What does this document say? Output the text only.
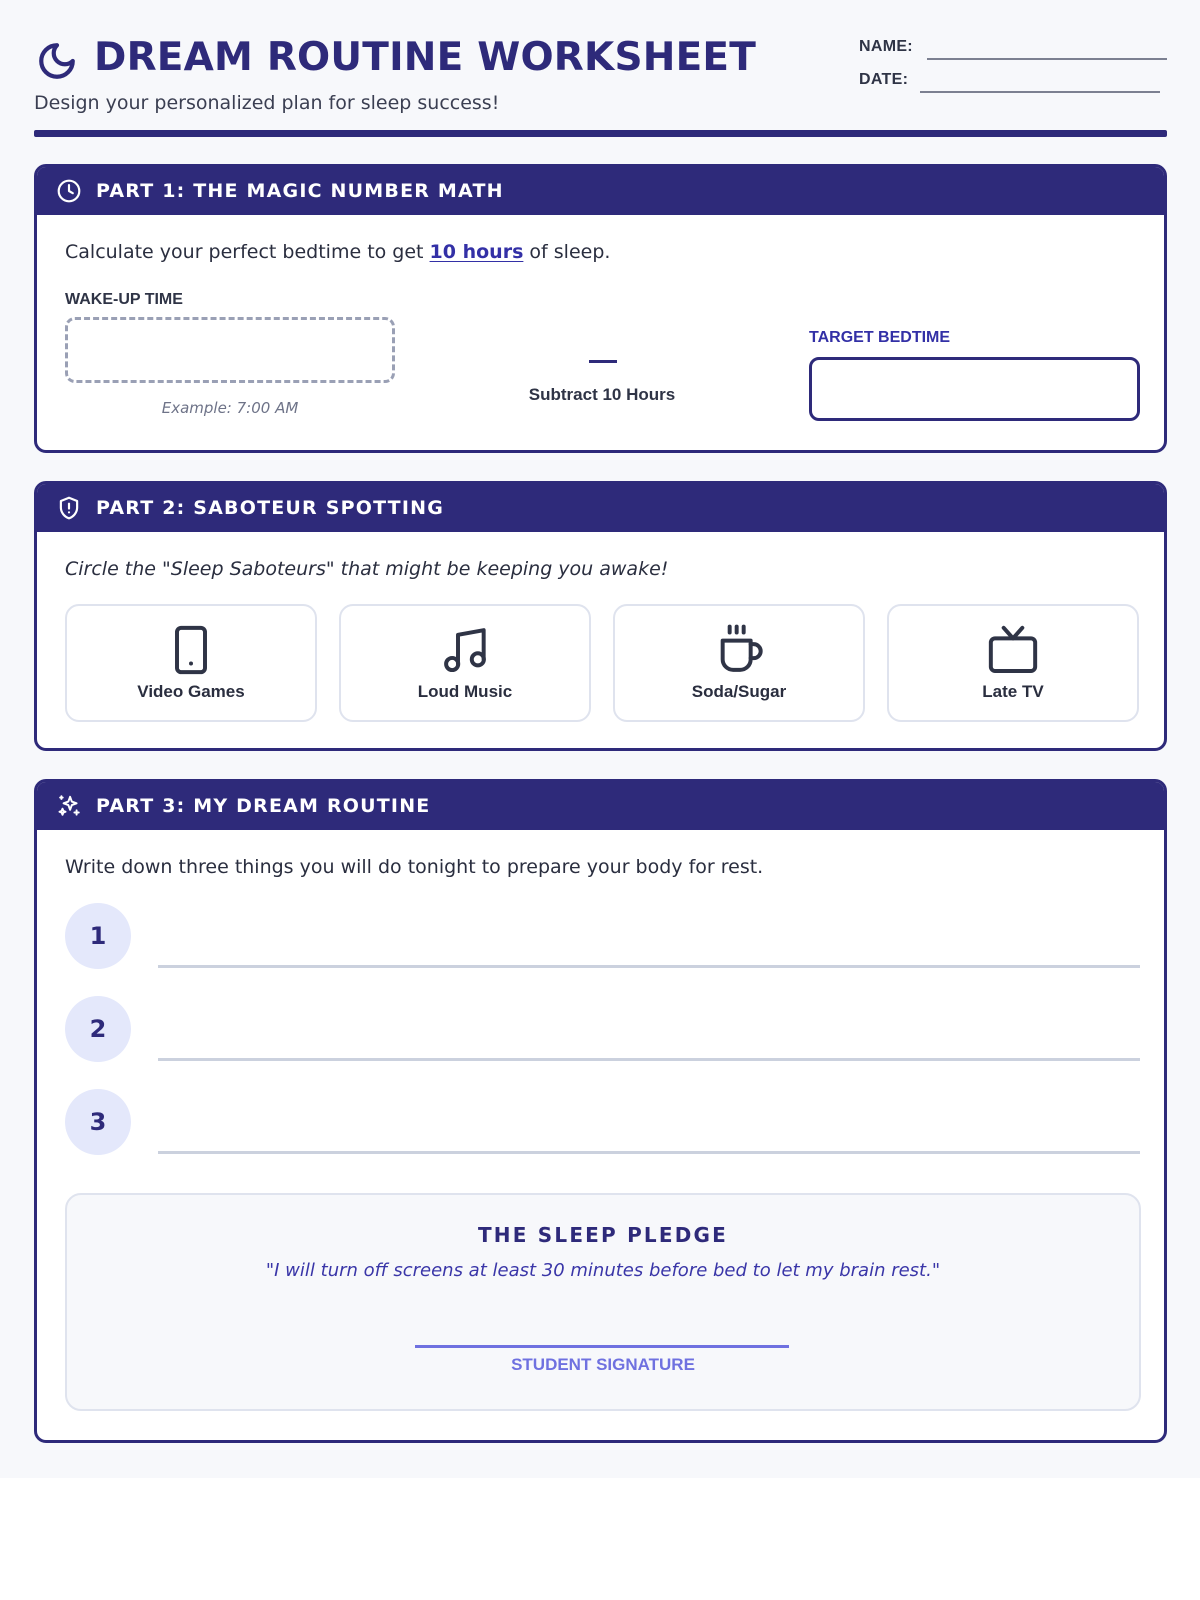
DREAM ROUTINE WORKSHEET
Design your personalized plan for sleep success!
NAME:
DATE:
PART 1: THE MAGIC NUMBER MATH
Calculate your perfect bedtime to get 10 hours of sleep.
WAKE-UP TIME
Example: 7:00 AM
Subtract 10 Hours
TARGET BEDTIME
PART 2: SABOTEUR SPOTTING
Circle the "Sleep Saboteurs" that might be keeping you awake!
Video Games	Loud Music	Soda/Sugar	Late TV
PART 3: MY DREAM ROUTINE
Write down three things you will do tonight to prepare your body for rest.
1
2
3
THE SLEEP PLEDGE
"I will turn off screens at least 30 minutes before bed to let my brain rest."
STUDENT SIGNATURE
